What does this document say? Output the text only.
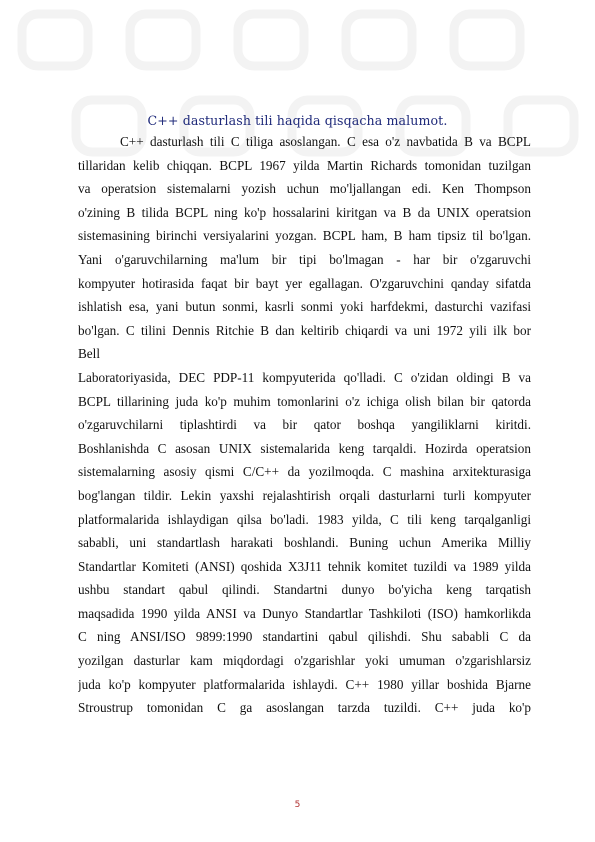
C++ dasturlash tili haqida qisqacha malumot.
C++ dasturlash tili C tiliga asoslangan. C esa o'z navbatida B va BCPL
tillaridan kelib chiqqan. BCPL 1967 yilda Martin Richards tomonidan tuzilgan
va operatsion sistemalarni yozish uchun mo'ljallangan edi. Ken Thompson
o'zining B tilida BCPL ning ko'p hossalarini kiritgan va B da UNIX operatsion
sistemasining birinchi versiyalarini yozgan. BCPL ham, B ham tipsiz til bo'lgan.
Yani o'garuvchilarning ma'lum bir tipi bo'lmagan - har bir o'zgaruvchi
kompyuter hotirasida faqat bir bayt yer egallagan. O'zgaruvchini qanday sifatda
ishlatish esa, yani butun sonmi, kasrli sonmi yoki harfdekmi, dasturchi vazifasi
bo'lgan. C tilini Dennis Ritchie B dan keltirib chiqardi va uni 1972 yili ilk bor
Bell
Laboratoriyasida, DEC PDP-11 kompyuterida qo'lladi. C o'zidan oldingi B va
BCPL tillarining juda ko'p muhim tomonlarini o'z ichiga olish bilan bir qatorda
o'zgaruvchilarni tiplashtirdi va bir qator boshqa yangiliklarni kiritdi.
Boshlanishda C asosan UNIX sistemalarida keng tarqaldi. Hozirda operatsion
sistemalarning asosiy qismi C/C++ da yozilmoqda. C mashina arxitekturasiga
bog'langan tildir. Lekin yaxshi rejalashtirish orqali dasturlarni turli kompyuter
platformalarida ishlaydigan qilsa bo'ladi. 1983 yilda, C tili keng tarqalganligi
sababli, uni standartlash harakati boshlandi. Buning uchun Amerika Milliy
Standartlar Komiteti (ANSI) qoshida X3J11 tehnik komitet tuzildi va 1989 yilda
ushbu standart qabul qilindi. Standartni dunyo bo'yicha keng tarqatish
maqsadida 1990 yilda ANSI va Dunyo Standartlar Tashkiloti (ISO) hamkorlikda
C ning ANSI/ISO 9899:1990 standartini qabul qilishdi. Shu sababli C da
yozilgan dasturlar kam miqdordagi o'zgarishlar yoki umuman o'zgarishlarsiz
juda ko'p kompyuter platformalarida ishlaydi. C++ 1980 yillar boshida Bjarne
Stroustrup tomonidan C ga asoslangan tarzda tuzildi. C++ juda ko'p
5
